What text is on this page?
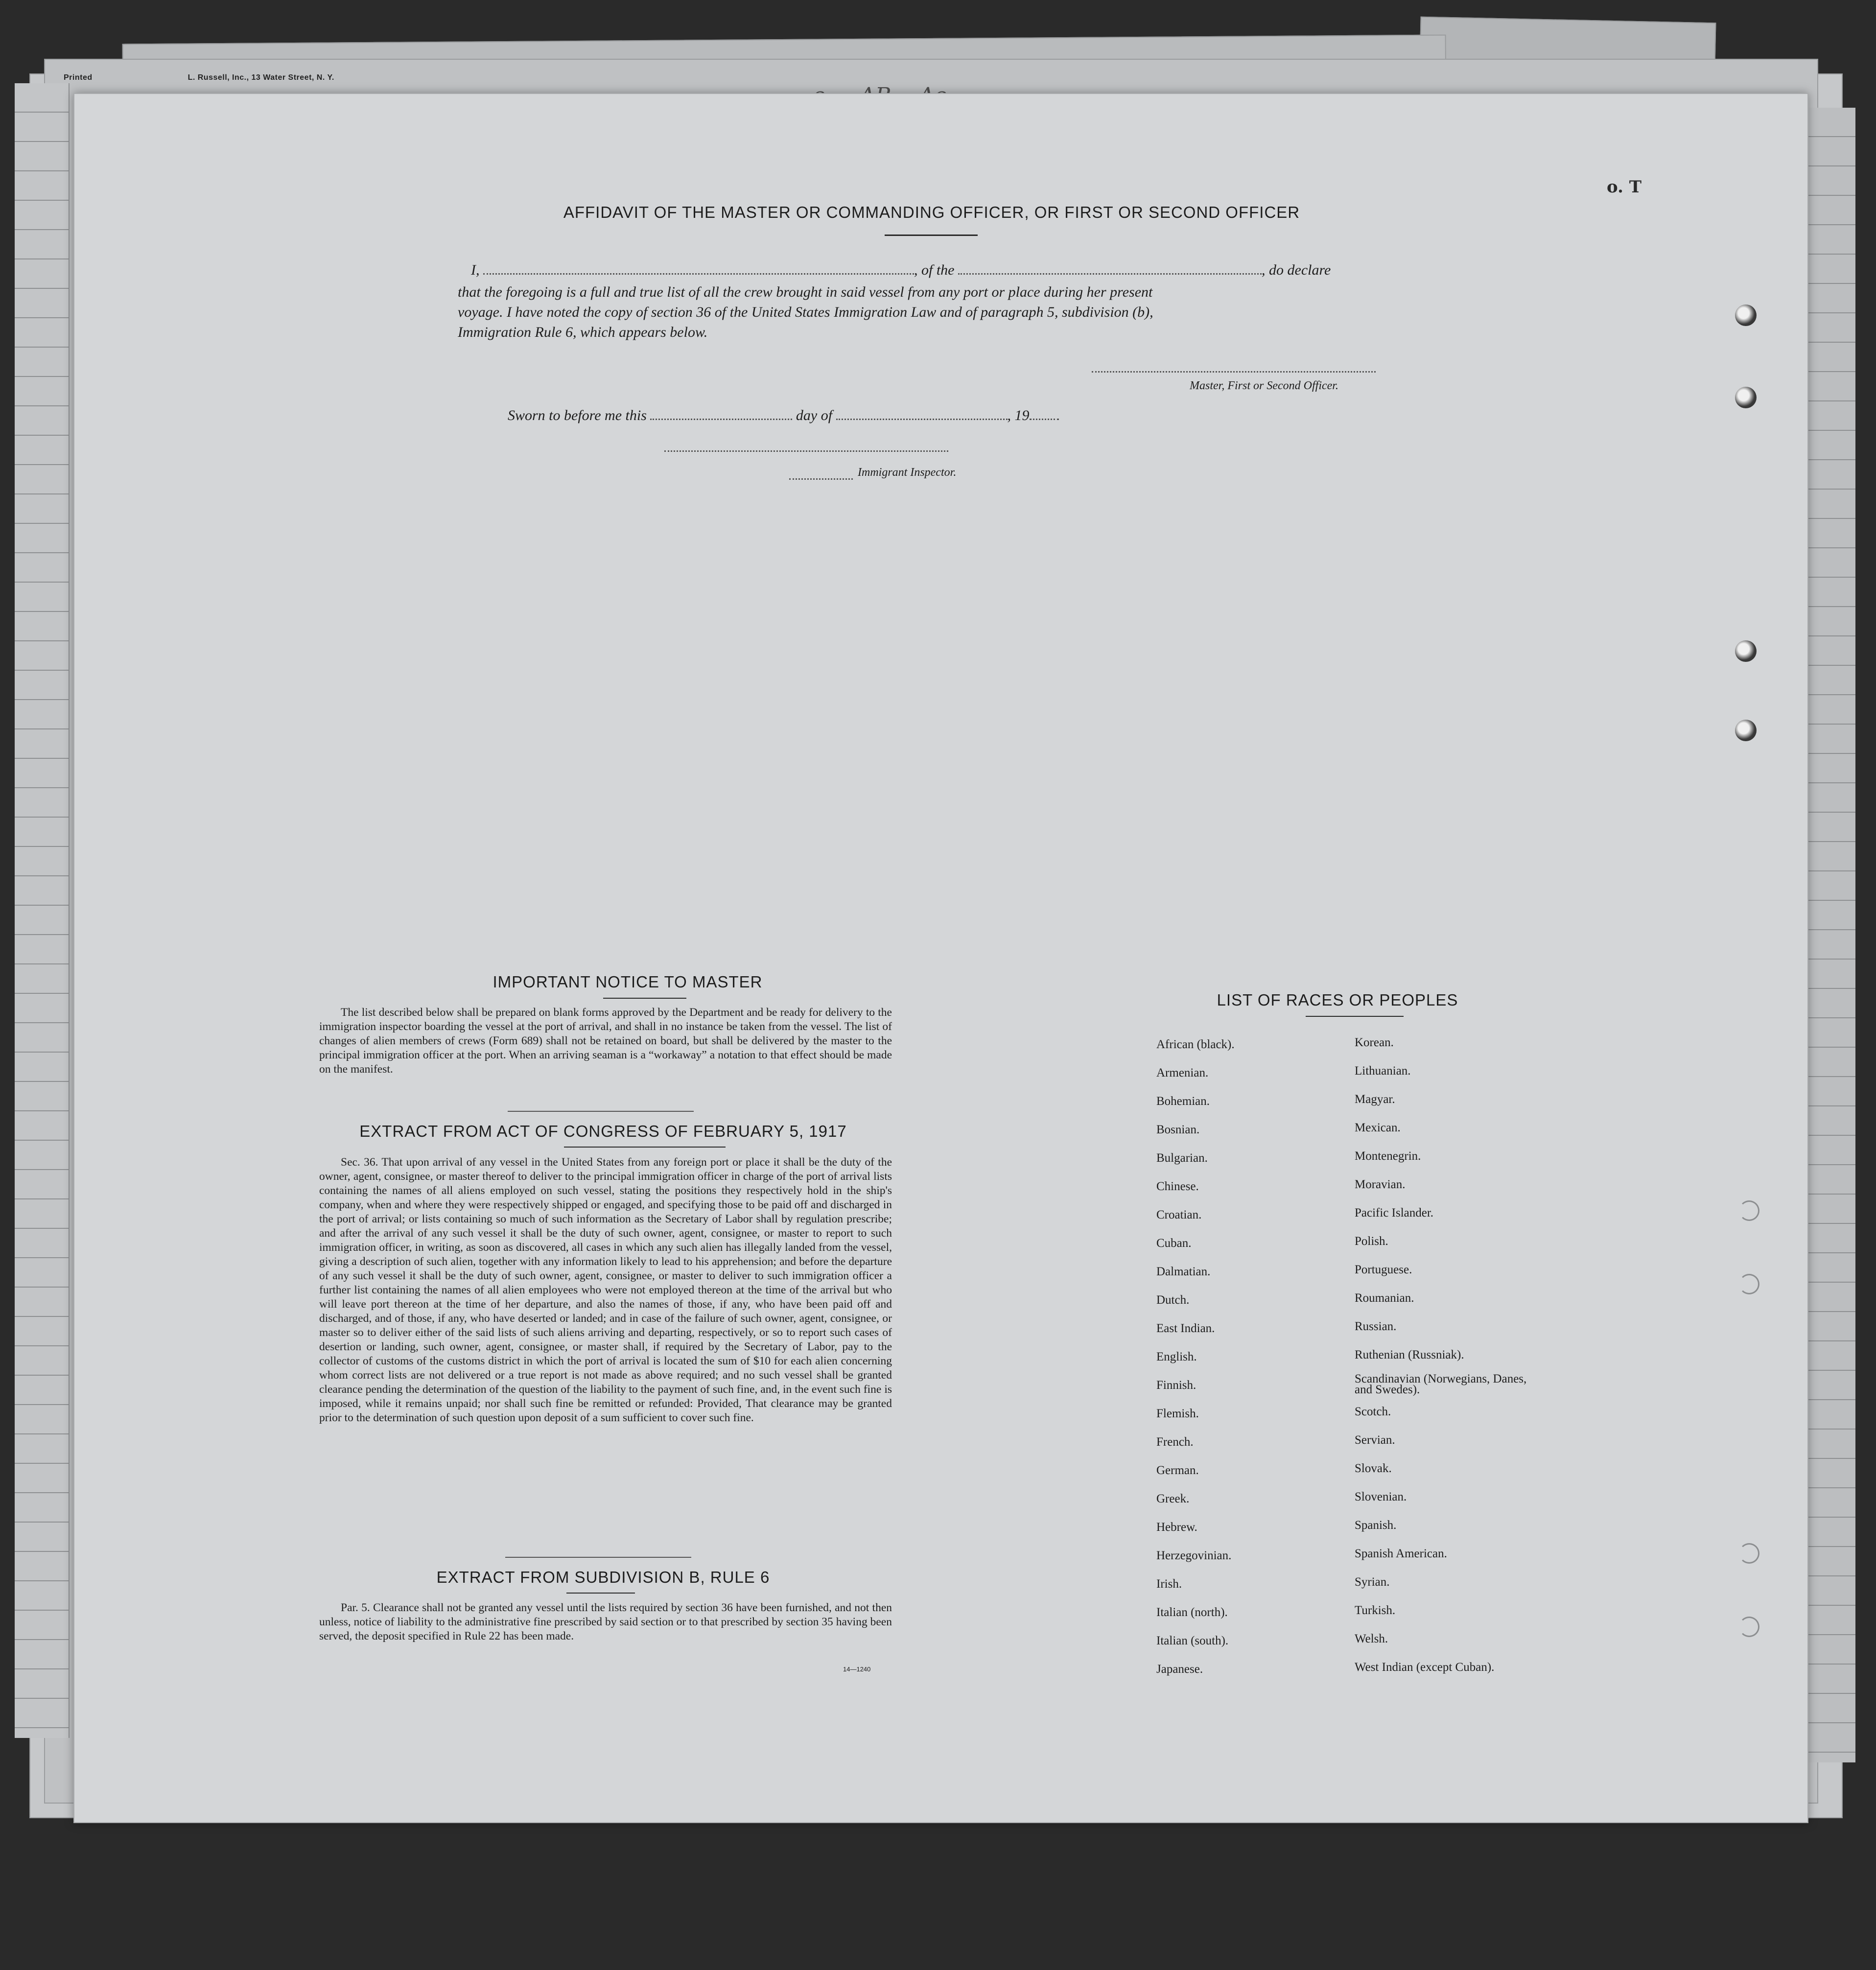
Printed	L. Russell, Inc., 13 Water Street, N. Y.
o. T
AFFIDAVIT OF THE MASTER OR COMMANDING OFFICER, OR FIRST OR SECOND OFFICER
I,	, of the	, do declare
that the foregoing is a full and true list of all the crew brought in said vessel from any port or place during her present
voyage. I have noted the copy of section 36 of the United States Immigration Law and of paragraph 5, subdivision (b),
Immigration Rule 6, which appears below.
Master, First or Second Officer.
Sworn to before me this	day of	, 19
Immigrant Inspector.
IMPORTANT NOTICE TO MASTER
The list described below shall be prepared on blank forms approved by the Department and be ready for delivery to the immigration inspector boarding the vessel at the port of arrival, and shall in no instance be taken from the vessel. The list of changes of alien members of crews (Form 689) shall not be retained on board, but shall be delivered by the master to the principal immigration officer at the port. When an arriving seaman is a “workaway” a notation to that effect should be made on the manifest.
EXTRACT FROM ACT OF CONGRESS OF FEBRUARY 5, 1917
Sec. 36. That upon arrival of any vessel in the United States from any foreign port or place it shall be the duty of the owner, agent, consignee, or master thereof to deliver to the principal immigration officer in charge of the port of arrival lists containing the names of all aliens employed on such vessel, stating the positions they respectively hold in the ship's company, when and where they were respectively shipped or engaged, and specifying those to be paid off and discharged in the port of arrival; or lists containing so much of such information as the Secretary of Labor shall by regulation prescribe; and after the arrival of any such vessel it shall be the duty of such owner, agent, consignee, or master to report to such immigration officer, in writing, as soon as discovered, all cases in which any such alien has illegally landed from the vessel, giving a description of such alien, together with any information likely to lead to his apprehension; and before the departure of any such vessel it shall be the duty of such owner, agent, consignee, or master to deliver to such immigration officer a further list containing the names of all alien employees who were not employed thereon at the time of the arrival but who will leave port thereon at the time of her departure, and also the names of those, if any, who have been paid off and discharged, and of those, if any, who have deserted or landed; and in case of the failure of such owner, agent, consignee, or master so to deliver either of the said lists of such aliens arriving and departing, respectively, or so to report such cases of desertion or landing, such owner, agent, consignee, or master shall, if required by the Secretary of Labor, pay to the collector of customs of the customs district in which the port of arrival is located the sum of $10 for each alien concerning whom correct lists are not delivered or a true report is not made as above required; and no such vessel shall be granted clearance pending the determination of the question of the liability to the payment of such fine, and, in the event such fine is imposed, while it remains unpaid; nor shall such fine be remitted or refunded: Provided, That clearance may be granted prior to the determination of such question upon deposit of a sum sufficient to cover such fine.
EXTRACT FROM SUBDIVISION B, RULE 6
Par. 5. Clearance shall not be granted any vessel until the lists required by section 36 have been furnished, and not then unless, notice of liability to the administrative fine prescribed by said section or to that prescribed by section 35 having been served, the deposit specified in Rule 22 has been made.
14—1240
LIST OF RACES OR PEOPLES
African (black).
Armenian.
Bohemian.
Bosnian.
Bulgarian.
Chinese.
Croatian.
Cuban.
Dalmatian.
Dutch.
East Indian.
English.
Finnish.
Flemish.
French.
German.
Greek.
Hebrew.
Herzegovinian.
Irish.
Italian (north).
Italian (south).
Japanese.
Korean.
Lithuanian.
Magyar.
Mexican.
Montenegrin.
Moravian.
Pacific Islander.
Polish.
Portuguese.
Roumanian.
Russian.
Ruthenian (Russniak).
Scandinavian (Norwegians, Danes, and Swedes).
Scotch.
Servian.
Slovak.
Slovenian.
Spanish.
Spanish American.
Syrian.
Turkish.
Welsh.
West Indian (except Cuban).
